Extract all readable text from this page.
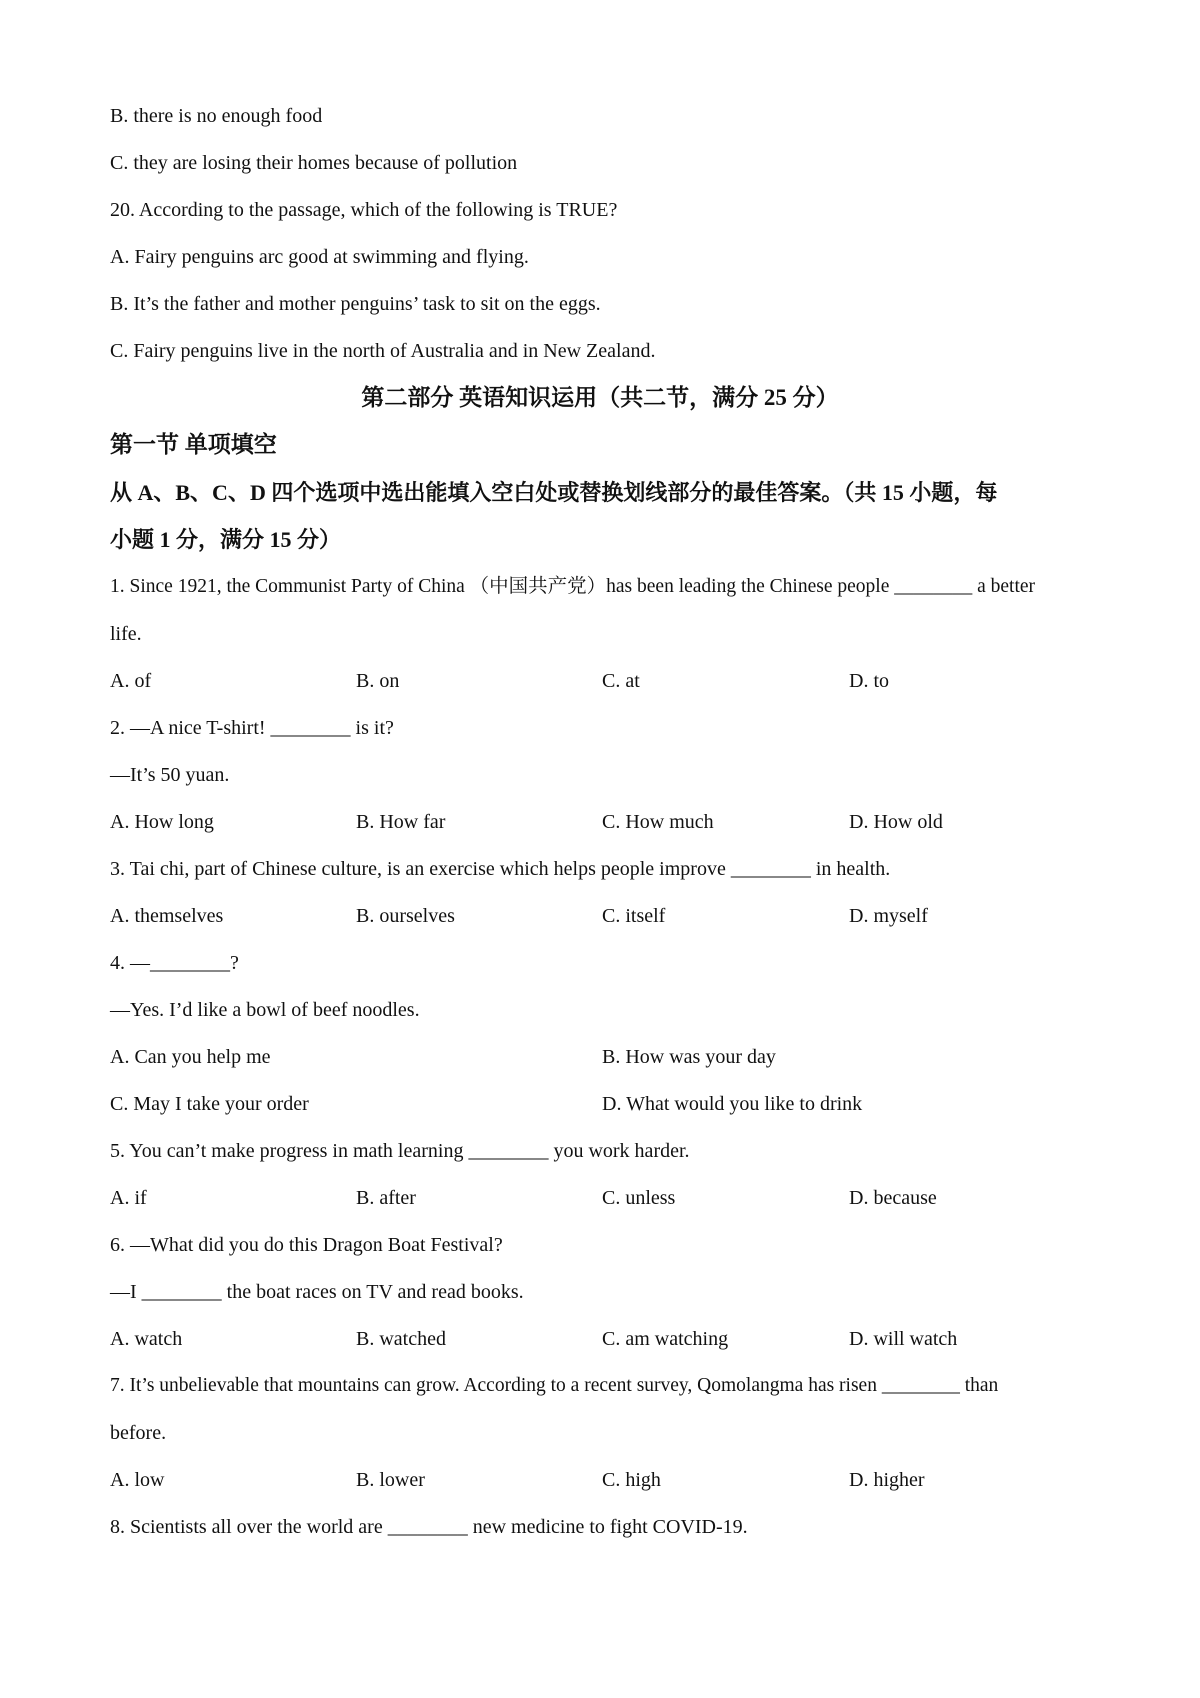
B. there is no enough food
C. they are losing their homes because of pollution
20. According to the passage, which of the following is TRUE?
A. Fairy penguins arc good at swimming and flying.
B. It’s the father and mother penguins’ task to sit on the eggs.
C. Fairy penguins live in the north of Australia and in New Zealand.
第二部分 英语知识运用（共二节，满分 25 分）
第一节 单项填空
从 A、B、C、D 四个选项中选出能填入空白处或替换划线部分的最佳答案。（共 15 小题，每
小题 1 分，满分 15 分）
1. Since 1921, the Communist Party of China （中国共产党）has been leading the Chinese people ________ a better
life.
A. of	B. on	C. at	D. to
2. —A nice T-shirt! ________ is it?
—It’s 50 yuan.
A. How long	B. How far	C. How much	D. How old
3. Tai chi, part of Chinese culture, is an exercise which helps people improve ________ in health.
A. themselves	B. ourselves	C. itself	D. myself
4. —________?
—Yes. I’d like a bowl of beef noodles.
A. Can you help me	B. How was your day
C. May I take your order	D. What would you like to drink
5. You can’t make progress in math learning ________ you work harder.
A. if	B. after	C. unless	D. because
6. —What did you do this Dragon Boat Festival?
—I ________ the boat races on TV and read books.
A. watch	B. watched	C. am watching	D. will watch
7. It’s unbelievable that mountains can grow. According to a recent survey, Qomolangma has risen ________ than
before.
A. low	B. lower	C. high	D. higher
8. Scientists all over the world are ________ new medicine to fight COVID-19.
